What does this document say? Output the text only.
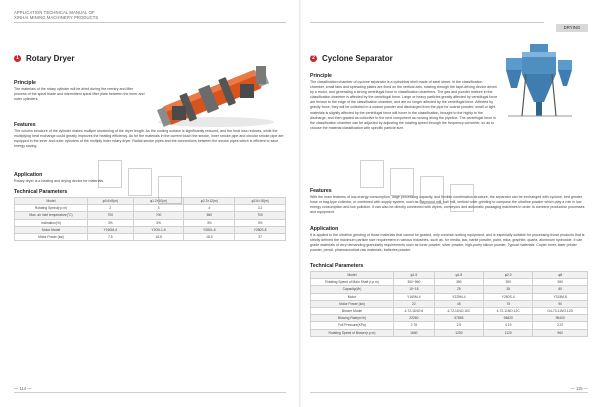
APPLICATION TECHNICAL MANUAL OF
XINHAI MINING MACHINERY PRODUCTS
1 Rotary Dryer
Principle
The materials of the rotary cylinder will be dried during the reentry and lifter process of the spiral blade and intermittent spiral lifter plate between the inner and outer cylinders.
Features
The column structure of the cylinder makes multiple shortening of the dryer length. As the cooling surface is significantly reduced, and the heat loss reduces, while the multiplying heat exchange could greatly improves the heating efficiency. As for the materials in the current touch the smoke, inner smoke pipe and circular smoke pipe are equipped in the inner and outer cylinders of the multiply inder rotary dryer. Radial smoke pipes and the connections between the smoke pipes which is efficient to save energy saving.
Application
Rotary dryer is a heating and drying device for materials.
Technical Parameters
Model	φ0.6×8(m)	φ1.2×10(m)	φ2.2×12(m)	φ2.6×18(m)
Rotating Speed(r.p.m)	2	3	4	3.2
Max. air inlet temperature(°C)	700	700	650	700
Inclination(%)	3%	3%	3%	3%
Motor Model	Y160M-4	Y200L1-6	Y280L-6	Y280S-8
Motor Power (kw)	7.5	18.5	18.5	37
— 114 —
DRYING
2 Cyclone Separator
Principle
The classification chamber of cyclone separator is a cylindrical shell made of steel sheet. In the classification chamber, small fans and spreading plates are fixed on the vertical axis, rotating through the tape-driving device driven by a motor, and generating a strong centrifugal force in classification chambers. The gas and powder mixture in the classification chamber is affected by the centrifugal force. Large or heavy particles greatly affected by centrifugal force are thrown to the edge of the classification chamber, and are no longer affected by the centrifugal force. Affected by gravity force, they will be collected in a coarse powder and discharged from the pipe for coarse powder; small or light materials is slightly affected by the centrifugal force will hover in the classification, brought to the highly to the discharge, and then graded as collective to the next component as moving along the pipeline. The centrifugal force in the classification chamber can be adjusted by adjusting the rotating speed through the frequency converter, so as to choose the material classification with specific particle size.
Features
With the main features of low-energy consumption, large processing capacity, and flexible combination structure, the separator can be exchanged with cyclone, bed grinder, hose or bag-type collector, or combined with supply system, such as Raymond mill, ball mill, vertical roller grinding to compose the ultrafine powder which play a role in low energy consumption and low pollution. It can also be directly connected with dryers, conveyors and automatic packaging machines in order to combine production processes and equipment.
Application
It is applied to the ultrafine grinding of those materials that cannot be graded, only common sorting equipment, and is especially suitable for processing those products that is strictly defined the maximum particle size requirement in various industries, such as, for media, talc, barite powder, paint, mica, graphite, quartz, aluminum hydroxide. It can grade materials of very demanding granularity requirements such as toner powder, silver powder, high-purity silicon powder. Typical materials: Copier toner, laser printer powder, pencil, pharmaceutical raw materials, batteries powder.
Technical Parameters
Model	φ1.5	φ1.8	φ2.0	φ8
Rotating Speed of Main Shaft (r.p.m)	300~960	380	390	280
Capacity(t/h)	10~18	25	35	80
Motor	Y160M-4	Y225M-4	Y280S-4	Y315M-8
Motor Power (kw)	22	45	75	90
Blower Model	4-72-11NO.6	4-72-11NO.10C	4-72-11NO.12C	G4-73-11NO.12D
Blowing Rate(m³/h)	22260	57855	94820	95400
Full Pressure(KPa)	2.78	2.5	4.19	2.47
Rotating Speed of Blower(r.p.m)	1660	1250	1120	960
— 115 —
